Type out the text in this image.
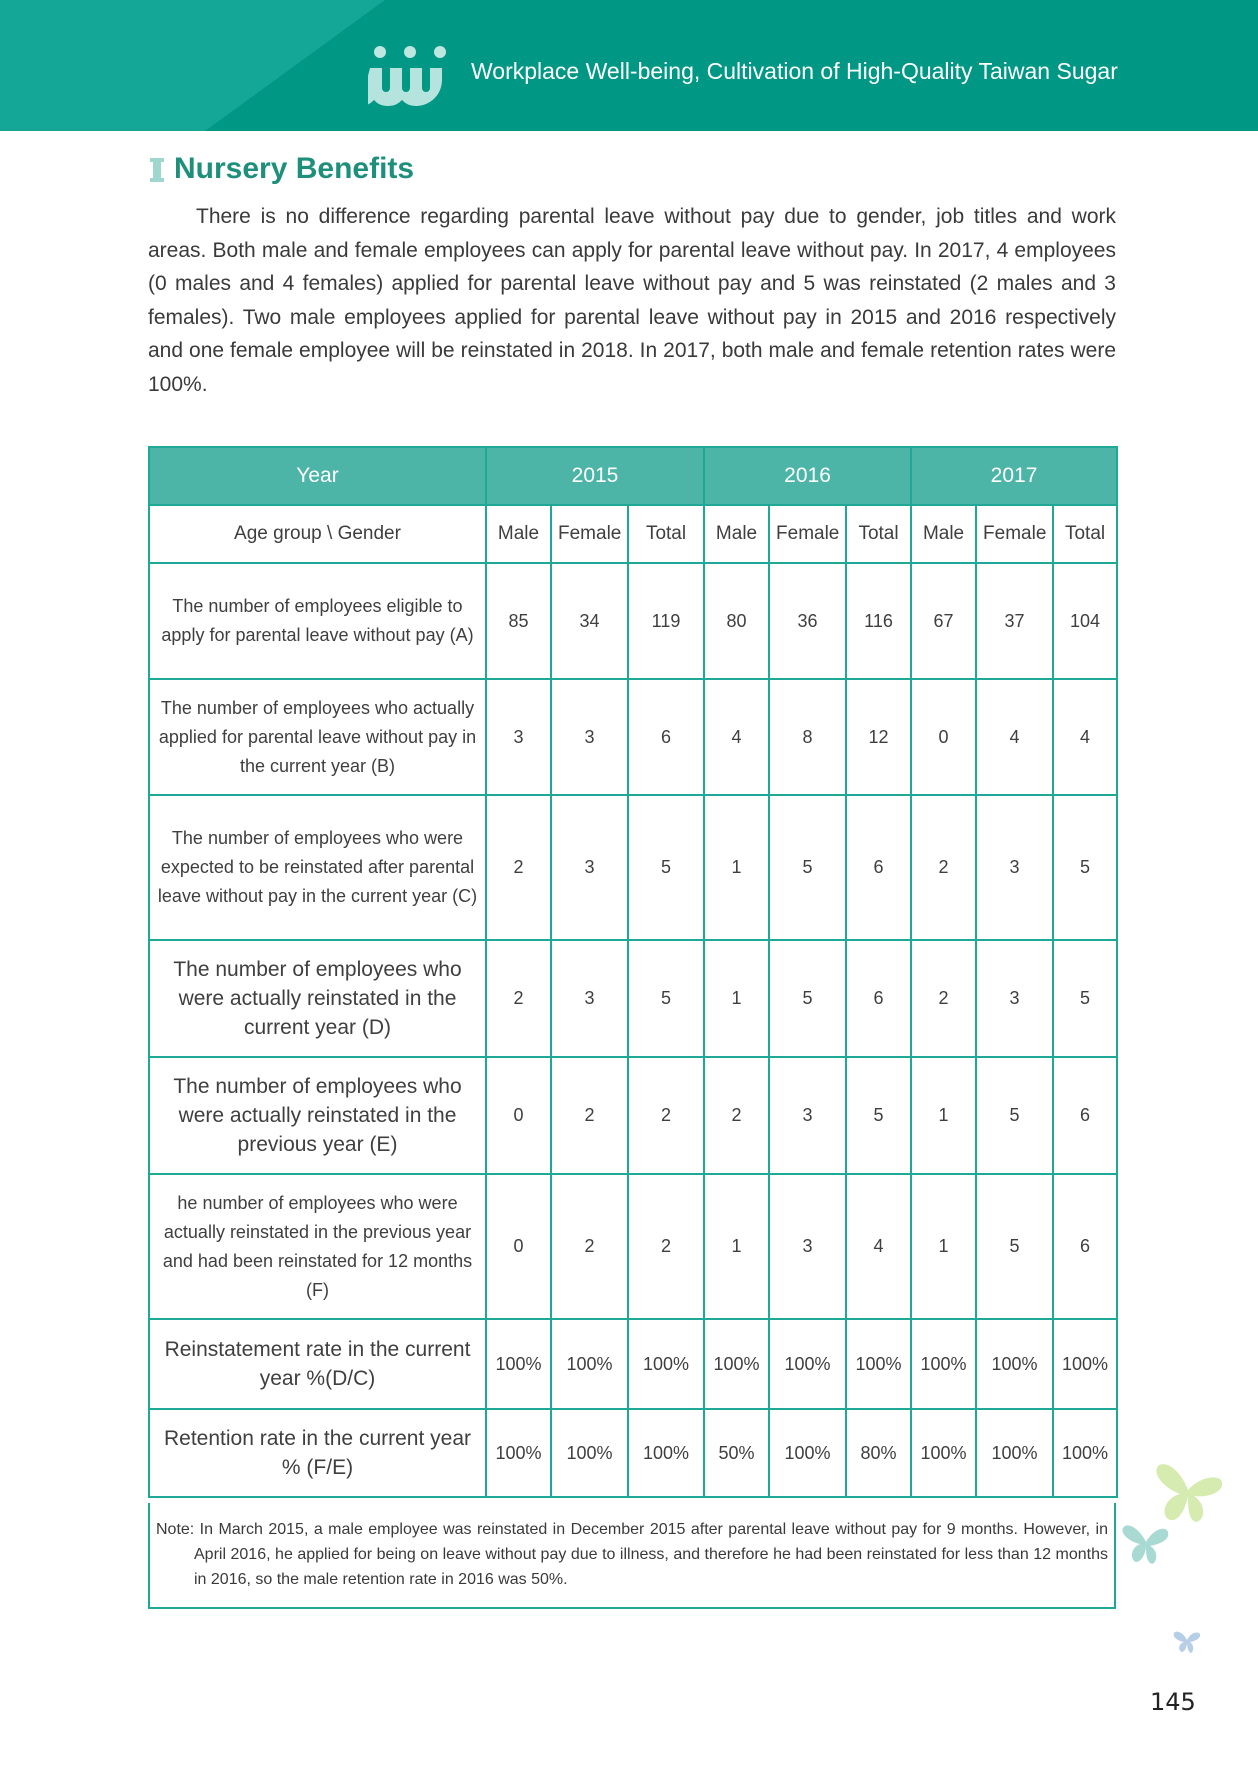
Workplace Well-being, Cultivation of High-Quality Taiwan Sugar
Nursery Benefits

There is no difference regarding parental leave without pay due to gender, job titles and work areas. Both male and female employees can apply for parental leave without pay. In 2017, 4 employees (0 males and 4 females) applied for parental leave without pay and 5 was reinstated (2 males and 3 females). Two male employees applied for parental leave without pay in 2015 and 2016 respectively and one female employee will be reinstated in 2018. In 2017, both male and female retention rates were 100%.

Year	2015			2016			2017		
Age group \ Gender	Male	Female	Total	Male	Female	Total	Male	Female	Total
The number of employees eligible to apply for parental leave without pay (A)	85	34	119	80	36	116	67	37	104
The number of employees who actually applied for parental leave without pay in the current year (B)	3	3	6	4	8	12	0	4	4
The number of employees who were expected to be reinstated after parental leave without pay in the current year (C)	2	3	5	1	5	6	2	3	5
The number of employees who were actually reinstated in the current year (D)	2	3	5	1	5	6	2	3	5
The number of employees who were actually reinstated in the previous year (E)	0	2	2	2	3	5	1	5	6
he number of employees who were actually reinstated in the previous year and had been reinstated for 12 months (F)	0	2	2	1	3	4	1	5	6
Reinstatement rate in the current year %(D/C)	100%	100%	100%	100%	100%	100%	100%	100%	100%
Retention rate in the current year % (F/E)	100%	100%	100%	50%	100%	80%	100%	100%	100%

Note: In March 2015, a male employee was reinstated in December 2015 after parental leave without pay for 9 months. However, in April 2016, he applied for being on leave without pay due to illness, and therefore he had been reinstated for less than 12 months in 2016, so the male retention rate in 2016 was 50%.

145
